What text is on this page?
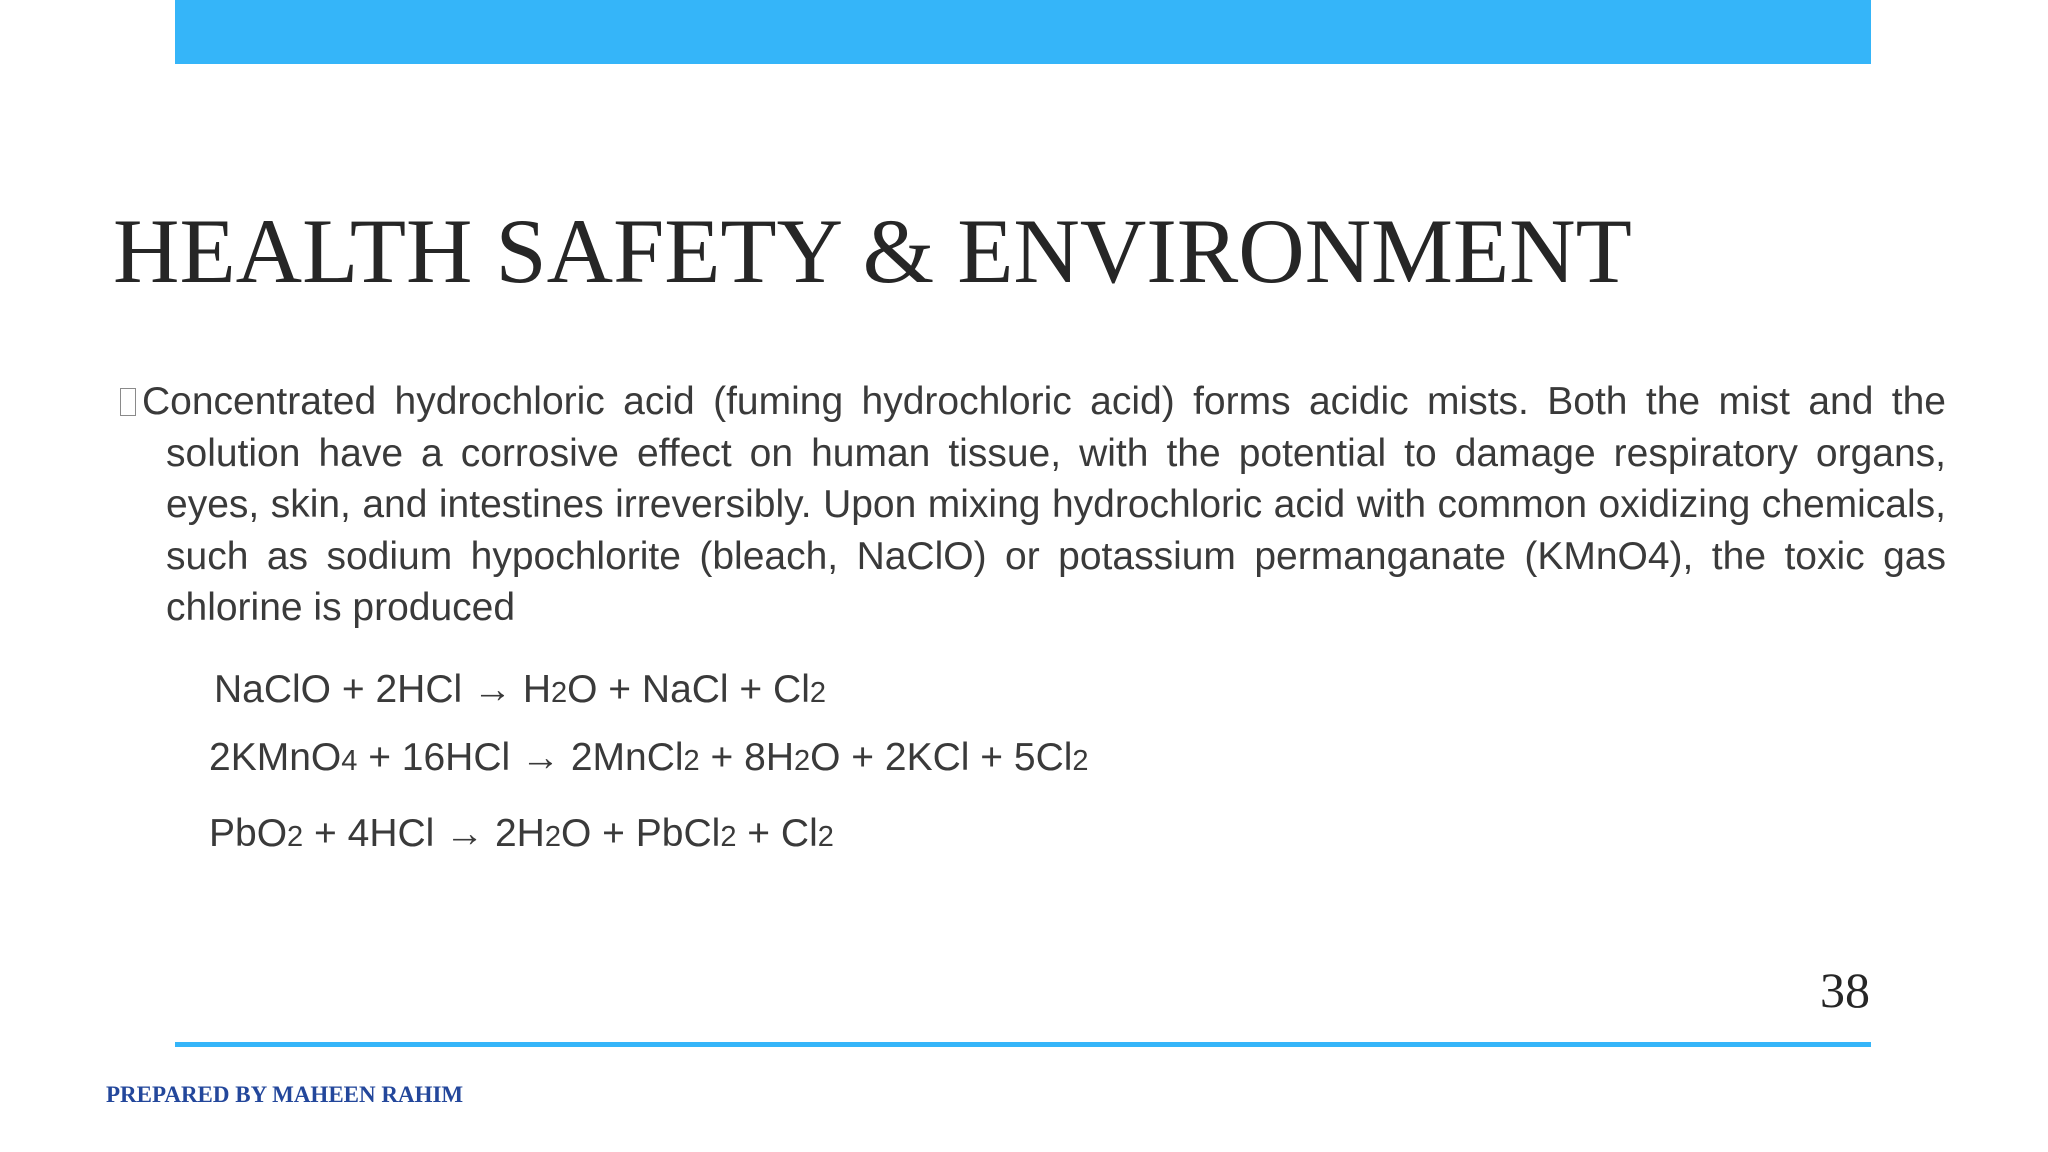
HEALTH SAFETY & ENVIRONMENT

Concentrated hydrochloric acid (fuming hydrochloric acid) forms acidic mists. Both the mist and the solution have a corrosive effect on human tissue, with the potential to damage respiratory organs, eyes, skin, and intestines irreversibly. Upon mixing hydrochloric acid with common oxidizing chemicals, such as sodium hypochlorite (bleach, NaClO) or potassium permanganate (KMnO4), the toxic gas chlorine is produced

NaClO + 2HCl → H2O + NaCl + Cl2
2KMnO4 + 16HCl → 2MnCl2 + 8H2O + 2KCl + 5Cl2
PbO2 + 4HCl → 2H2O + PbCl2 + Cl2
38
PREPARED BY MAHEEN RAHIM
